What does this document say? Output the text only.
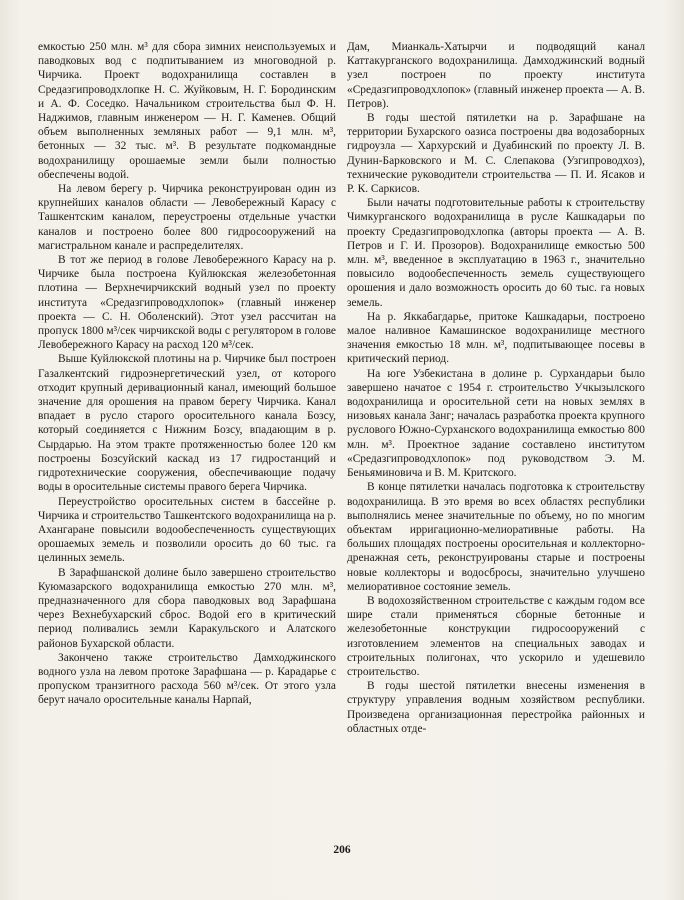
емкостью 250 млн. м³ для сбора зимних неиспользуемых и паводковых вод с подпитыванием из многоводной р. Чирчика. Проект водохранилища составлен в Средазгипроводхлопке Н. С. Жуйковым, Н. Г. Бородинским и А. Ф. Соседко. Начальником строительства был Ф. Н. Наджимов, главным инженером — Н. Г. Каменев. Общий объем выполненных земляных работ — 9,1 млн. м³, бетонных — 32 тыс. м³. В результате подкомандные водохранилищу орошаемые земли были полностью обеспечены водой.

На левом берегу р. Чирчика реконструирован один из крупнейших каналов области — Левобережный Карасу с Ташкентским каналом, переустроены отдельные участки каналов и построено более 800 гидросооружений на магистральном канале и распределителях.

В тот же период в голове Левобережного Карасу на р. Чирчике была построена Куйлюкская железобетонная плотина — Верхнечирчикский водный узел по проекту института «Средазгипроводхлопок» (главный инженер проекта — С. Н. Оболенский). Этот узел рассчитан на пропуск 1800 м³/сек чирчикской воды с регулятором в голове Левобережного Карасу на расход 120 м³/сек.

Выше Куйлюкской плотины на р. Чирчике был построен Газалкентский гидроэнергетический узел, от которого отходит крупный деривационный канал, имеющий большое значение для орошения на правом берегу Чирчика. Канал впадает в русло старого оросительного канала Бозсу, который соединяется с Нижним Бозсу, впадающим в р. Сырдарью. На этом тракте протяженностью более 120 км построены Бозсуйский каскад из 17 гидростанций и гидротехнические сооружения, обеспечивающие подачу воды в оросительные системы правого берега Чирчика.

Переустройство оросительных систем в бассейне р. Чирчика и строительство Ташкентского водохранилища на р. Ахангаране повысили водообеспеченность существующих орошаемых земель и позволили оросить до 60 тыс. га целинных земель.

В Зарафшанской долине было завершено строительство Куюмазарского водохранилища емкостью 270 млн. м³, предназначенного для сбора паводковых вод Зарафшана через Вехнебухарский сброс. Водой его в критический период поливались земли Каракульского и Алатского районов Бухарской области.

Закончено также строительство Дамходжинского водного узла на левом протоке Зарафшана — р. Карадарье с пропуском транзитного расхода 560 м³/сек. От этого узла берут начало оросительные каналы Нарпай,

Дам, Мианкаль-Хатырчи и подводящий канал Каттакурганского водохранилища. Дамходжинский водный узел построен по проекту института «Средазгипроводхлопок» (главный инженер проекта — А. В. Петров).

В годы шестой пятилетки на р. Зарафшане на территории Бухарского оазиса построены два водозаборных гидроузла — Хархурский и Дуабинский по проекту Л. В. Дунин-Барковского и М. С. Слепакова (Узгипроводхоз), технические руководители строительства — П. И. Ясаков и Р. К. Саркисов.

Были начаты подготовительные работы к строительству Чимкурганского водохранилища в русле Кашкадарьи по проекту Средазгипроводхлопка (авторы проекта — А. В. Петров и Г. И. Прозоров). Водохранилище емкостью 500 млн. м³, введенное в эксплуатацию в 1963 г., значительно повысило водообеспеченность земель существующего орошения и дало возможность оросить до 60 тыс. га новых земель.

На р. Яккабагдарье, притоке Кашкадарьи, построено малое наливное Камашинское водохранилище местного значения емкостью 18 млн. м³, подпитывающее посевы в критический период.

На юге Узбекистана в долине р. Сурхандарьи было завершено начатое с 1954 г. строительство Учкызылского водохранилища и оросительной сети на новых землях в низовьях канала Занг; началась разработка проекта крупного руслового Южно-Сурханского водохранилища емкостью 800 млн. м³. Проектное задание составлено институтом «Средазгипроводхлопок» под руководством Э. М. Беньяминовича и В. М. Критского.

В конце пятилетки началась подготовка к строительству водохранилища. В это время во всех областях республики выполнялись менее значительные по объему, но по многим объектам ирригационно-мелиоративные работы. На больших площадях построены оросительная и коллекторно-дренажная сеть, реконструированы старые и построены новые коллекторы и водосбросы, значительно улучшено мелиоративное состояние земель.

В водохозяйственном строительстве с каждым годом все шире стали применяться сборные бетонные и железобетонные конструкции гидросооружений с изготовлением элементов на специальных заводах и строительных полигонах, что ускорило и удешевило строительство.

В годы шестой пятилетки внесены изменения в структуру управления водным хозяйством республики. Произведена организационная перестройка районных и областных отде-

206
